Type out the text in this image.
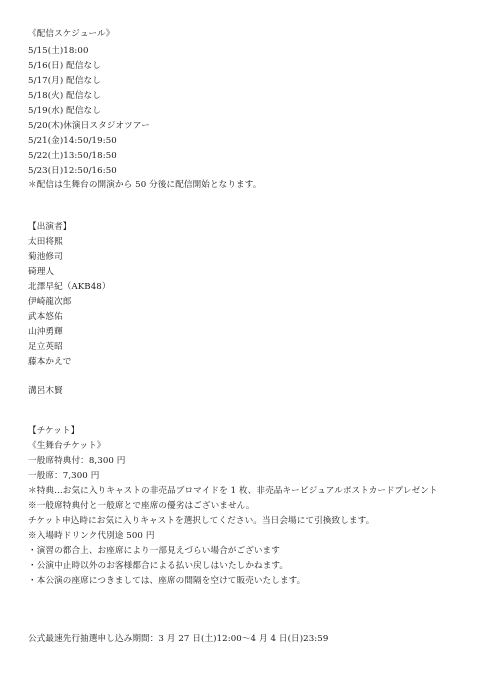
《配信スケジュール》
5/15(土)18:00
5/16(日) 配信なし
5/17(月) 配信なし
5/18(火) 配信なし
5/19(水) 配信なし
5/20(木)休演日スタジオツアー
5/21(金)14:50/19:50
5/22(土)13:50/18:50
5/23(日)12:50/16:50
＊配信は生舞台の開演から 50 分後に配信開始となります。
【出演者】
太田将熙
菊池修司
碕理人
北澤早紀（AKB48）
伊崎龍次郎
武本悠佑
山沖勇輝
足立英昭
藤本かえで
溝呂木賢
【チケット】
《生舞台チケット》
一般席特典付：8,300 円
一般席：7,300 円
＊特典…お気に入りキャストの非売品ブロマイドを 1 枚、非売品キービジュアルポストカードプレゼント
※一般席特典付と一般席とで座席の優劣はございません。
チケット申込時にお気に入りキャストを選択してください。当日会場にて引換致します。
※入場時ドリンク代別途 500 円
・演習の都合上、お座席により一部見えづらい場合がございます
・公演中止時以外のお客様都合による払い戻しはいたしかねます。
・本公演の座席につきましては、座席の間隔を空けて販売いたします。
公式最速先行抽選申し込み期間：3 月 27 日(土)12:00～4 月 4 日(日)23:59
